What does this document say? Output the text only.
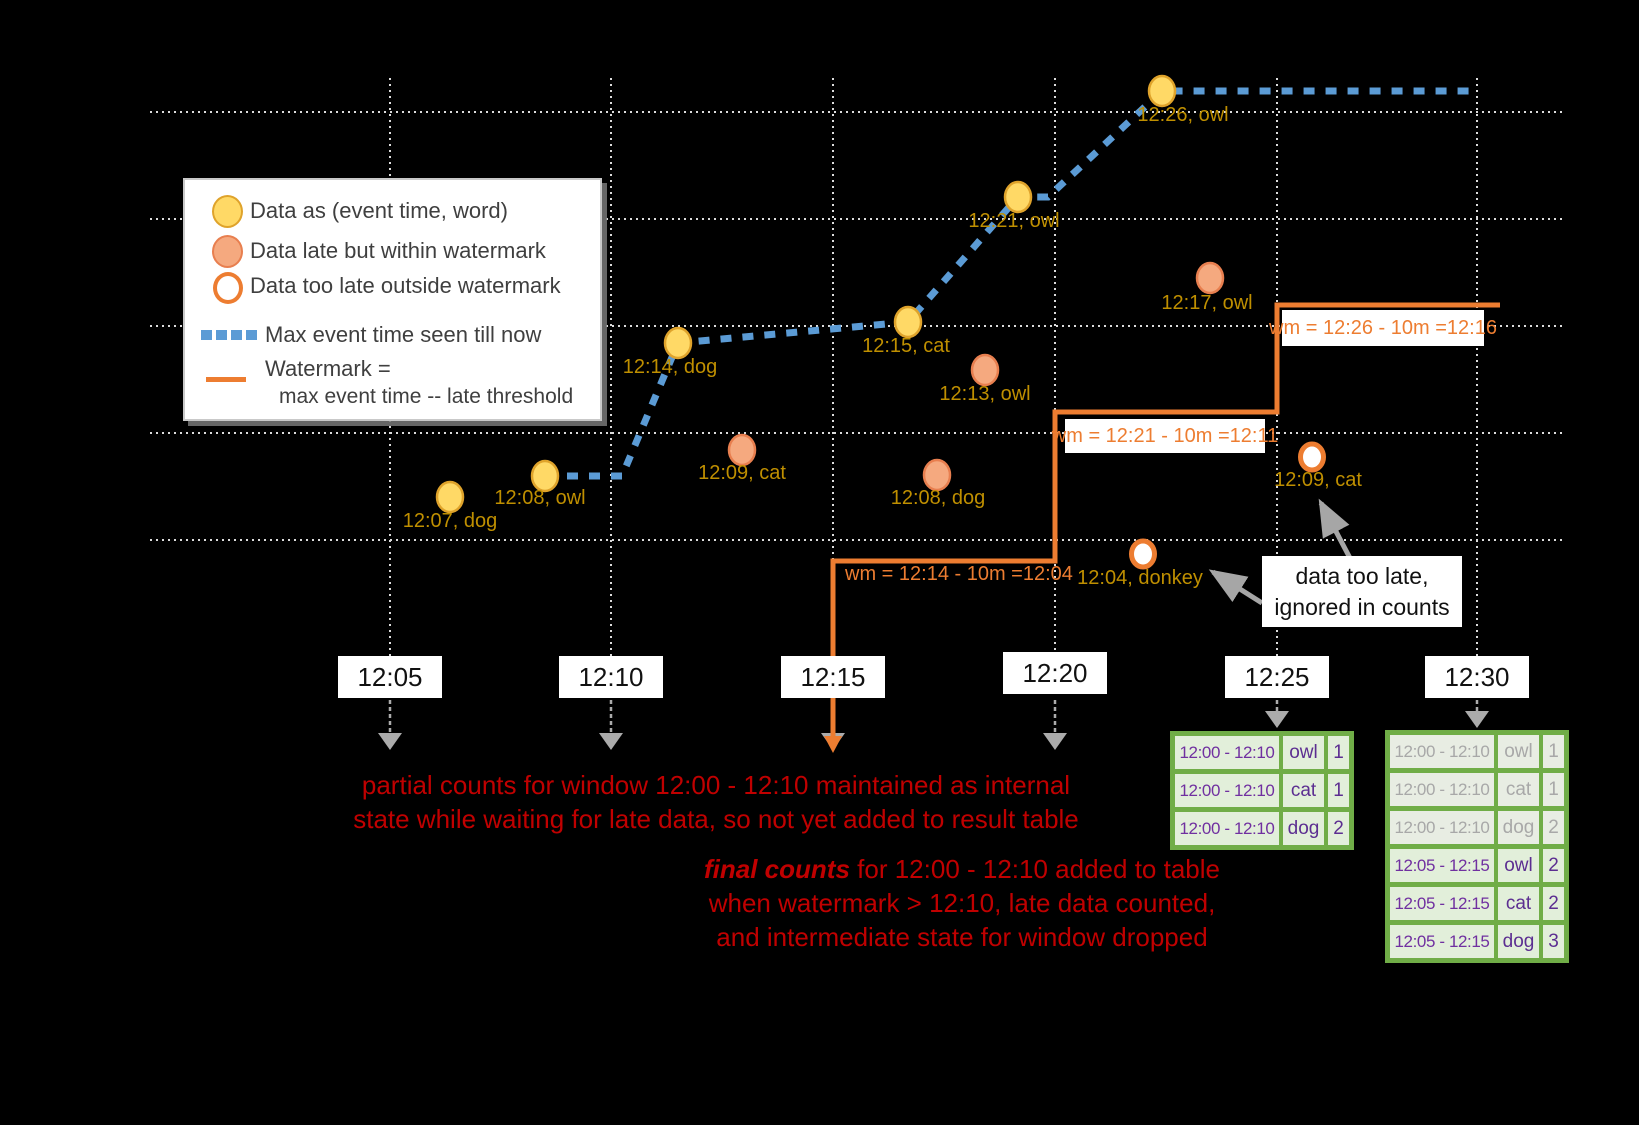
Data as (event time, word)
Data late but within watermark
Data too late outside watermark
Max event time seen till now
Watermark =
max event time -- late threshold
12:07, dog
12:08, owl
12:14, dog
12:15, cat
12:21, owl
12:26, owl
12:09, cat
12:08, dog
12:13, owl
12:17, owl
12:04, donkey
12:09, cat
wm = 12:14 - 10m =12:04
wm = 12:21 - 10m =12:11
wm = 12:26 - 10m =12:16
12:05	12:10	12:15	12:20	12:25	12:30
partial counts for window 12:00 - 12:10 maintained as internal
state while waiting for late data, so not yet added to result table
final counts for 12:00 - 12:10 added to table
when watermark > 12:10, late data counted,
and intermediate state for window dropped
data too late,
ignored in counts
12:00 - 12:10 owl 1
12:00 - 12:10 cat 1
12:00 - 12:10 dog 2
12:00 - 12:10 owl 1
12:00 - 12:10 cat 1
12:00 - 12:10 dog 2
12:05 - 12:15 owl 2
12:05 - 12:15 cat 2
12:05 - 12:15 dog 3
